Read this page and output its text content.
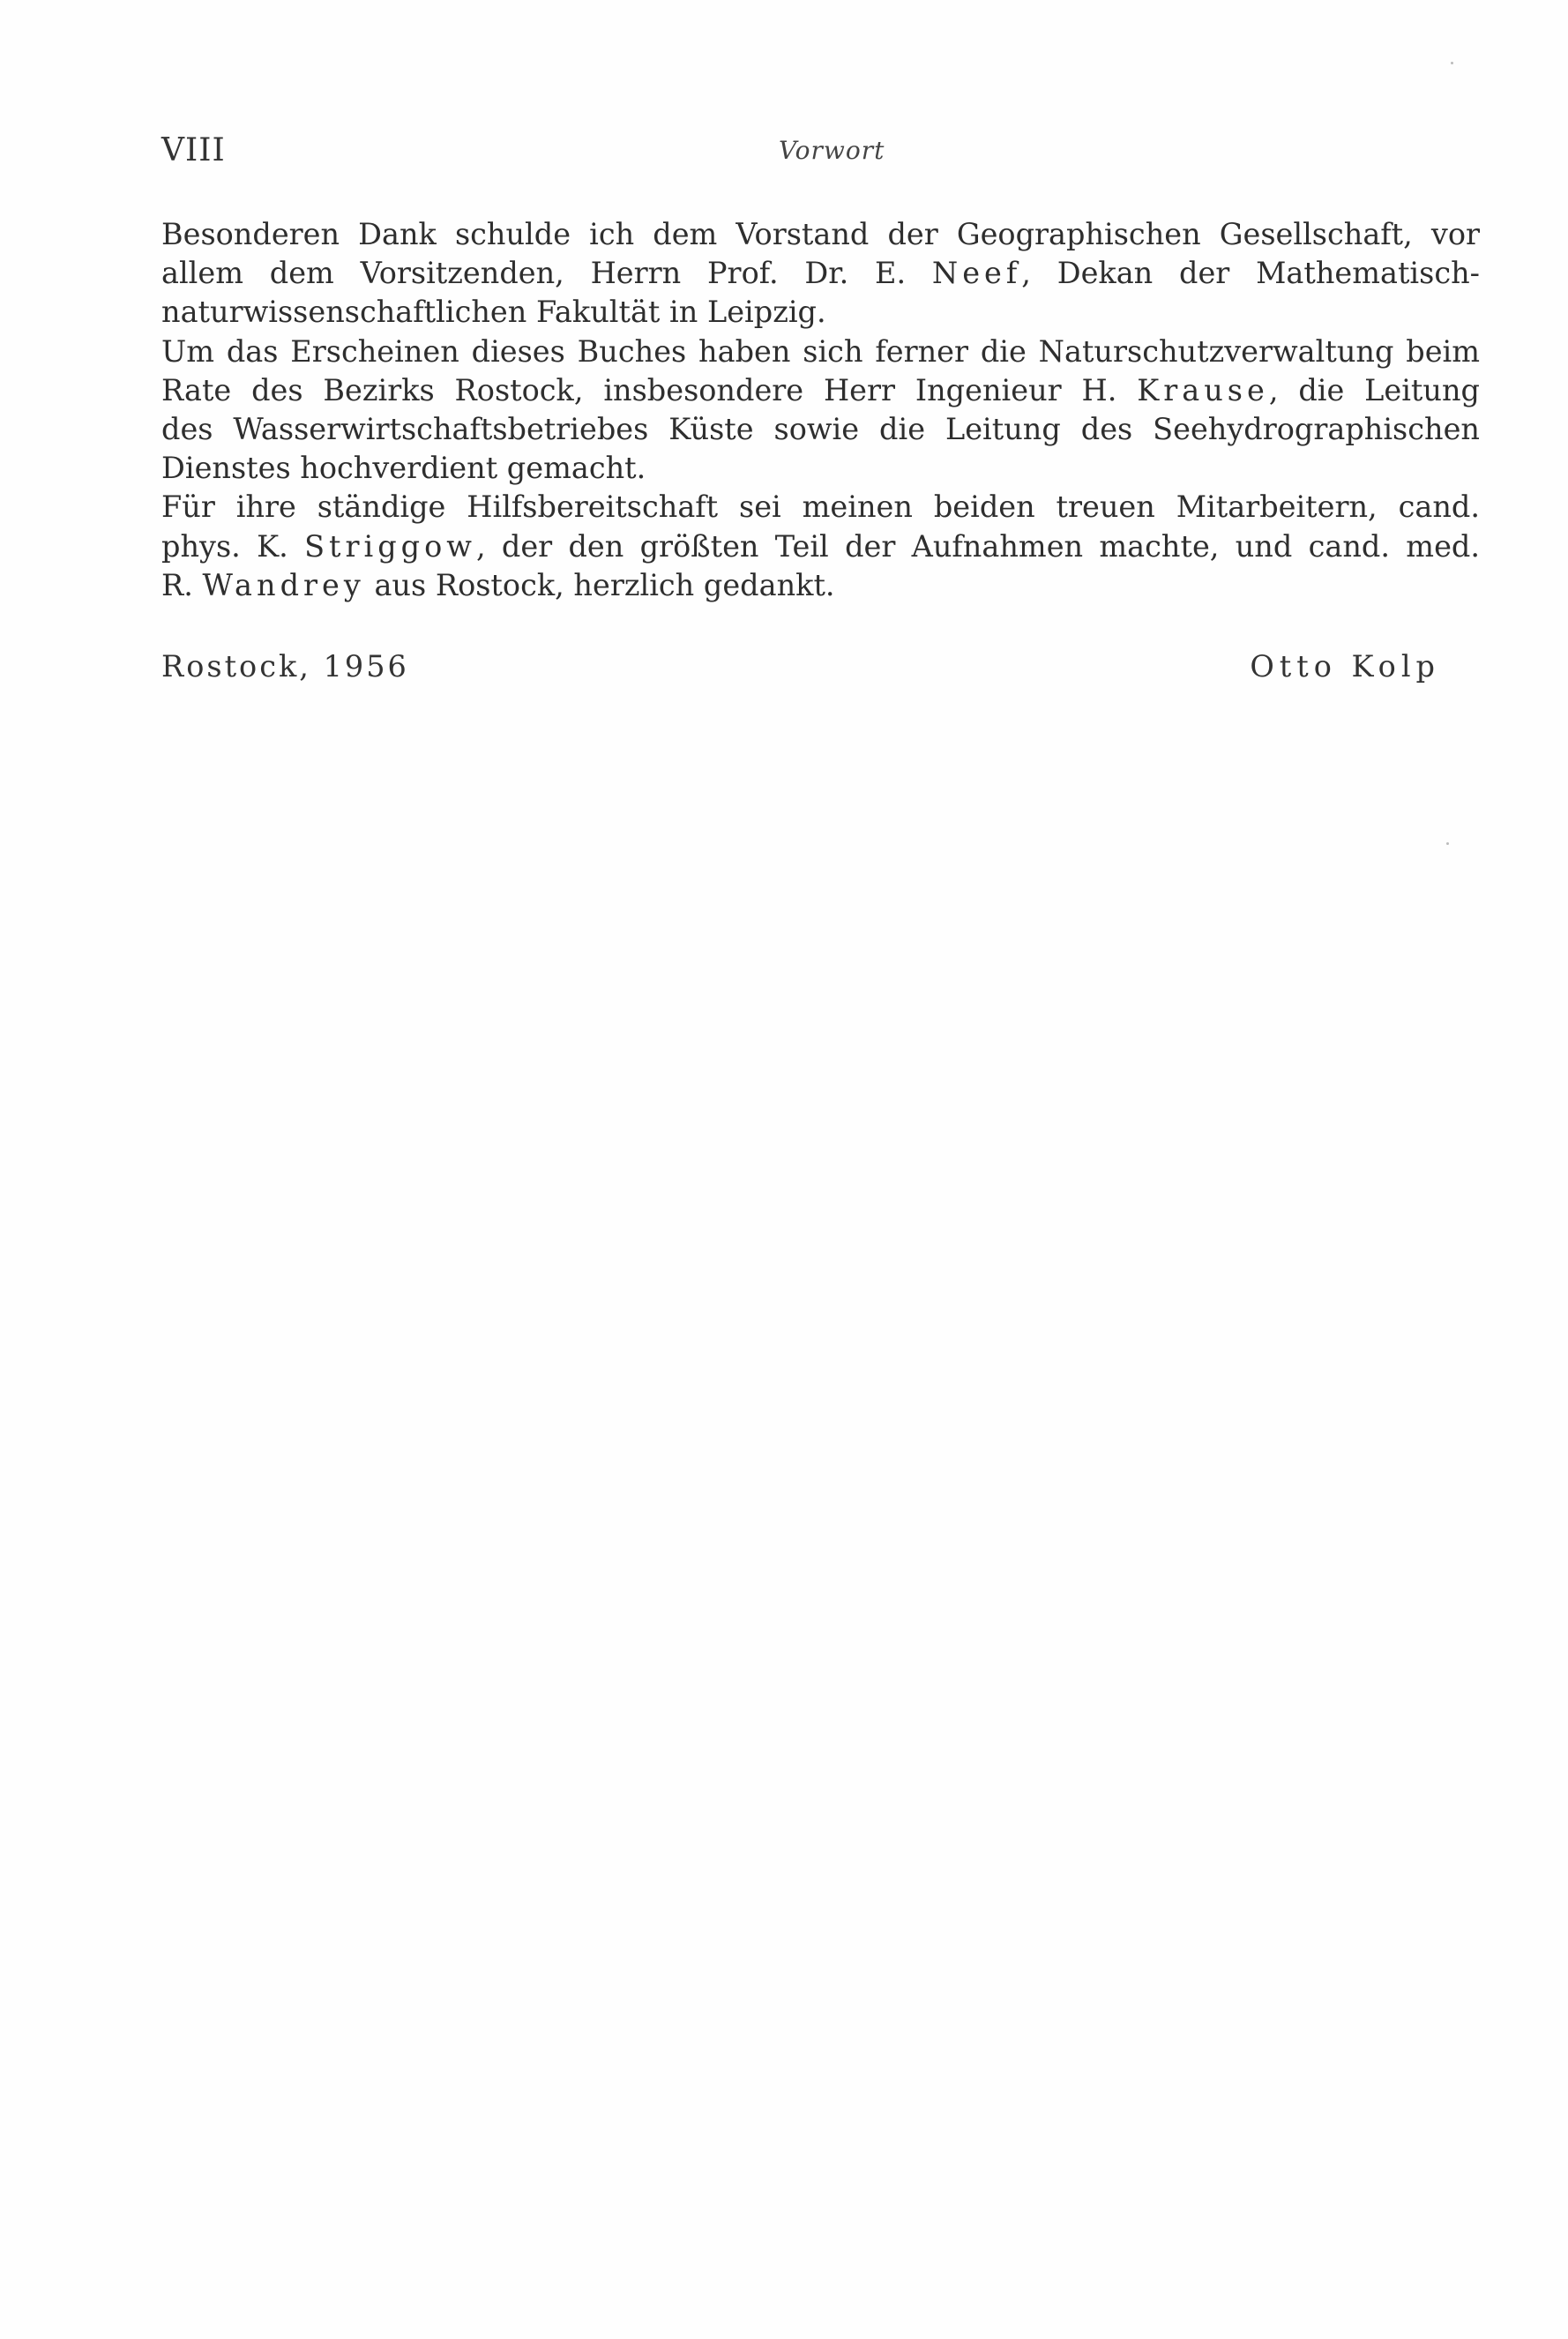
VIII	Vorwort
Besonderen Dank schulde ich dem Vorstand der Geographischen Gesellschaft, vor
allem dem Vorsitzenden, Herrn Prof. Dr. E. Neef, Dekan der Mathematisch-
naturwissenschaftlichen Fakultät in Leipzig.
Um das Erscheinen dieses Buches haben sich ferner die Naturschutzverwaltung beim
Rate des Bezirks Rostock, insbesondere Herr Ingenieur H. Krause, die Leitung
des Wasserwirtschaftsbetriebes Küste sowie die Leitung des Seehydrographischen
Dienstes hochverdient gemacht.
Für ihre ständige Hilfsbereitschaft sei meinen beiden treuen Mitarbeitern, cand.
phys. K. Striggow, der den größten Teil der Aufnahmen machte, und cand. med.
R. Wandrey aus Rostock, herzlich gedankt.
Rostock, 1956	Otto Kolp
